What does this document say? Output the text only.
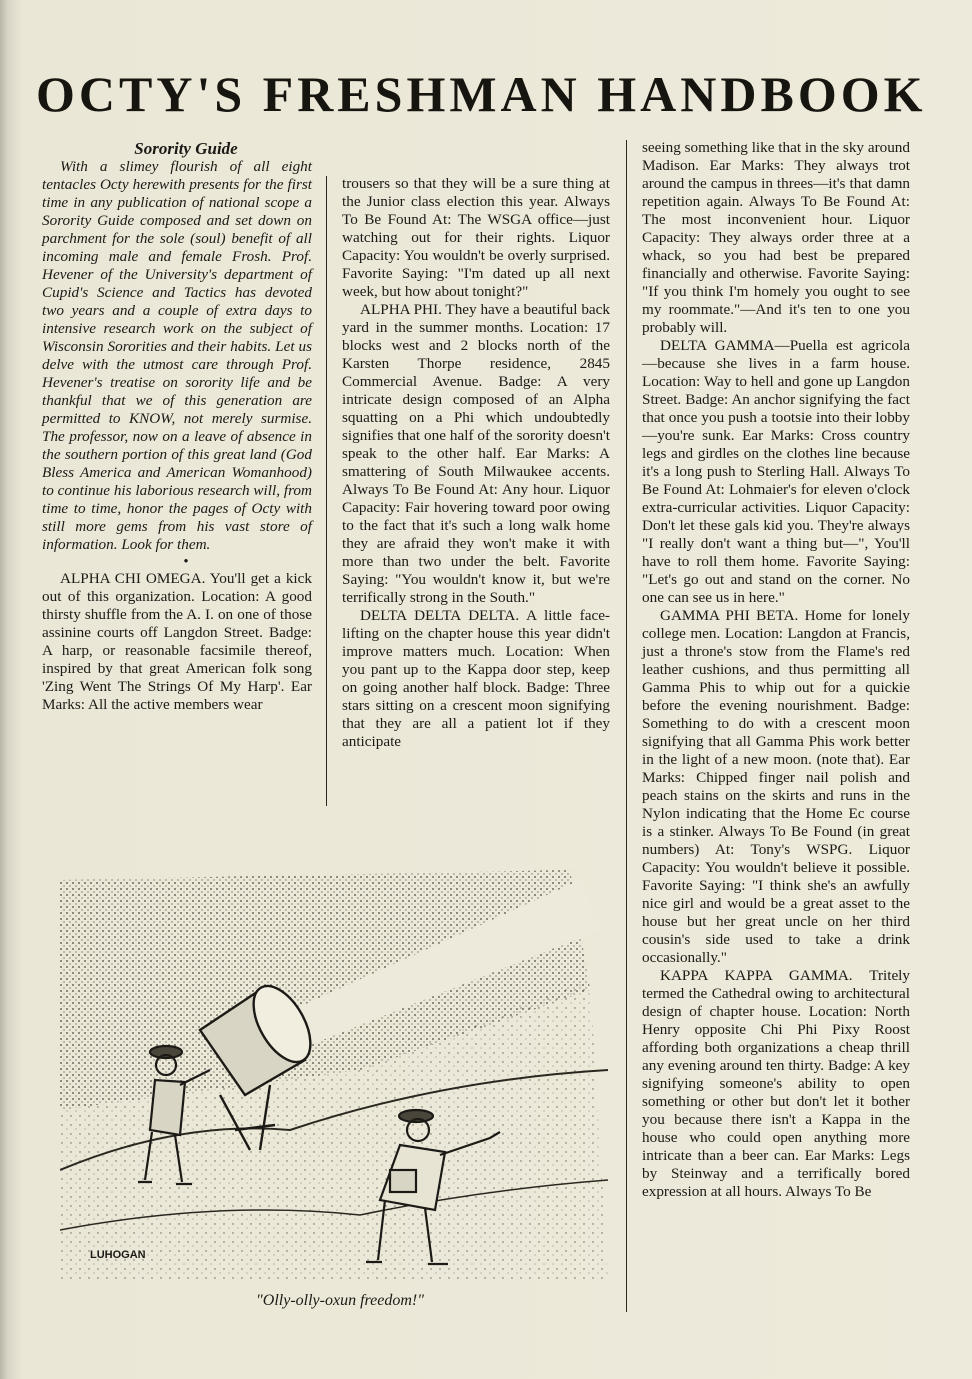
OCTY'S FRESHMAN HANDBOOK

Sorority Guide

With a slimey flourish of all eight tentacles Octy herewith presents for the first time in any publication of national scope a Sorority Guide composed and set down on parchment for the sole (soul) benefit of all incoming male and female Frosh. Prof. Hevener of the University's department of Cupid's Science and Tactics has devoted two years and a couple of extra days to intensive research work on the subject of Wisconsin Sororities and their habits. Let us delve with the utmost care through Prof. Hevener's treatise on sorority life and be thankful that we of this generation are permitted to KNOW, not merely surmise. The professor, now on a leave of absence in the southern portion of this great land (God Bless America and American Womanhood) to continue his laborious research will, from time to time, honor the pages of Octy with still more gems from his vast store of information. Look for them.

•

ALPHA CHI OMEGA. You'll get a kick out of this organization. Location: A good thirsty shuffle from the A. I. on one of those assinine courts off Langdon Street. Badge: A harp, or reasonable facsimile thereof, inspired by that great American folk song 'Zing Went The Strings Of My Harp'. Ear Marks: All the active members wear

trousers so that they will be a sure thing at the Junior class election this year. Always To Be Found At: The WSGA office—just watching out for their rights. Liquor Capacity: You wouldn't be overly surprised. Favorite Saying: "I'm dated up all next week, but how about tonight?"

ALPHA PHI. They have a beautiful back yard in the summer months. Location: 17 blocks west and 2 blocks north of the Karsten Thorpe residence, 2845 Commercial Avenue. Badge: A very intricate design composed of an Alpha squatting on a Phi which undoubtedly signifies that one half of the sorority doesn't speak to the other half. Ear Marks: A smattering of South Milwaukee accents. Always To Be Found At: Any hour. Liquor Capacity: Fair hovering toward poor owing to the fact that it's such a long walk home they are afraid they won't make it with more than two under the belt. Favorite Saying: "You wouldn't know it, but we're terrifically strong in the South."

DELTA DELTA DELTA. A little face-lifting on the chapter house this year didn't improve matters much. Location: When you pant up to the Kappa door step, keep on going another half block. Badge: Three stars sitting on a crescent moon signifying that they are all a patient lot if they anticipate

seeing something like that in the sky around Madison. Ear Marks: They always trot around the campus in threes—it's that damn repetition again. Always To Be Found At: The most inconvenient hour. Liquor Capacity: They always order three at a whack, so you had best be prepared financially and otherwise. Favorite Saying: "If you think I'm homely you ought to see my roommate."—And it's ten to one you probably will.

DELTA GAMMA—Puella est agricola—because she lives in a farm house. Location: Way to hell and gone up Langdon Street. Badge: An anchor signifying the fact that once you push a tootsie into their lobby—you're sunk. Ear Marks: Cross country legs and girdles on the clothes line because it's a long push to Sterling Hall. Always To Be Found At: Lohmaier's for eleven o'clock extra-curricular activities. Liquor Capacity: Don't let these gals kid you. They're always "I really don't want a thing but—", You'll have to roll them home. Favorite Saying: "Let's go out and stand on the corner. No one can see us in here."

GAMMA PHI BETA. Home for lonely college men. Location: Langdon at Francis, just a throne's stow from the Flame's red leather cushions, and thus permitting all Gamma Phis to whip out for a quickie before the evening nourishment. Badge: Something to do with a crescent moon signifying that all Gamma Phis work better in the light of a new moon. (note that). Ear Marks: Chipped finger nail polish and peach stains on the skirts and runs in the Nylon indicating that the Home Ec course is a stinker. Always To Be Found (in great numbers) At: Tony's WSPG. Liquor Capacity: You wouldn't believe it possible. Favorite Saying: "I think she's an awfully nice girl and would be a great asset to the house but her great uncle on her third cousin's side used to take a drink occasionally."

KAPPA KAPPA GAMMA. Tritely termed the Cathedral owing to architectural design of chapter house. Location: North Henry opposite Chi Phi Pixy Roost affording both organizations a cheap thrill any evening around ten thirty. Badge: A key signifying someone's ability to open something or other but don't let it bother you because there isn't a Kappa in the house who could open anything more intricate than a beer can. Ear Marks: Legs by Steinway and a terrifically bored expression at all hours. Always To Be

LUHOGAN
"Olly-olly-oxun freedom!"
